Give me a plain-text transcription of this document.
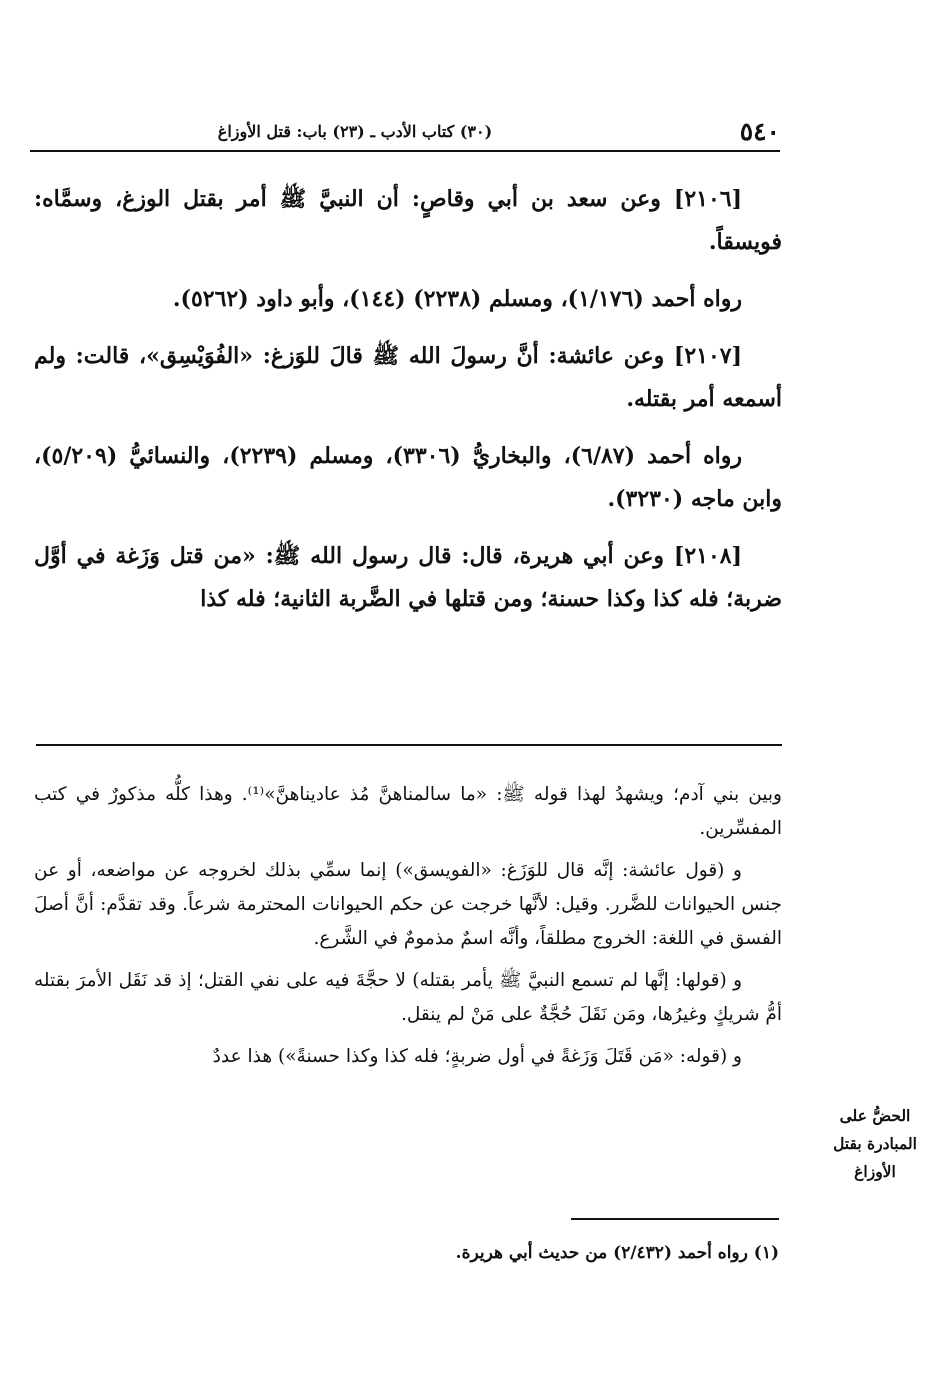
٥٤٠
(٣٠) كتاب الأدب ـ (٢٣) باب: قتل الأوزاغ

[٢١٠٦] وعن سعد بن أبي وقاصٍ: أن النبيَّ ﷺ أمر بقتل الوزغ، وسمَّاه: فويسقاً.

رواه أحمد (١/١٧٦)، ومسلم (٢٢٣٨) (١٤٤)، وأبو داود (٥٢٦٢).

[٢١٠٧] وعن عائشة: أنَّ رسولَ الله ﷺ قالَ للوَزغ: «الفُوَيْسِق»، قالت: ولم أسمعه أمر بقتله.

رواه أحمد (٦/٨٧)، والبخاريُّ (٣٣٠٦)، ومسلم (٢٢٣٩)، والنسائيُّ (٥/٢٠٩)، وابن ماجه (٣٢٣٠).

[٢١٠٨] وعن أبي هريرة، قال: قال رسول الله ﷺ: «من قتل وَزَغة في أوَّل ضربة؛ فله كذا وكذا حسنة؛ ومن قتلها في الضَّربة الثانية؛ فله كذا

وبين بني آدم؛ ويشهدُ لهذا قوله ﷺ: «ما سالمناهنَّ مُذ عاديناهنَّ»⁽¹⁾. وهذا كلُّه مذكورٌ في كتب المفسِّرين.

و (قول عائشة: إنَّه قال للوَزَغ: «الفويسق») إنما سمِّي بذلك لخروجه عن مواضعه، أو عن جنس الحيوانات للضَّرر. وقيل: لأنَّها خرجت عن حكم الحيوانات المحترمة شرعاً. وقد تقدَّم: أنَّ أصلَ الفسق في اللغة: الخروج مطلقاً، وأنَّه اسمٌ مذمومٌ في الشَّرع.

و (قولها: إنَّها لم تسمع النبيَّ ﷺ يأمر بقتله) لا حجَّةَ فيه على نفي القتل؛ إذ قد نَقَل الأمرَ بقتله أمُّ شريكٍ وغيرُها، ومَن نَقَلَ حُجَّةٌ على مَنْ لم ينقل.

و (قوله: «مَن قَتَلَ وَزَغةً في أول ضربةٍ؛ فله كذا وكذا حسنةً») هذا عددٌ

الحضُّ على
المبادرة بقتل
الأوزاغ
(١) رواه أحمد (٢/٤٣٢) من حديث أبي هريرة.
